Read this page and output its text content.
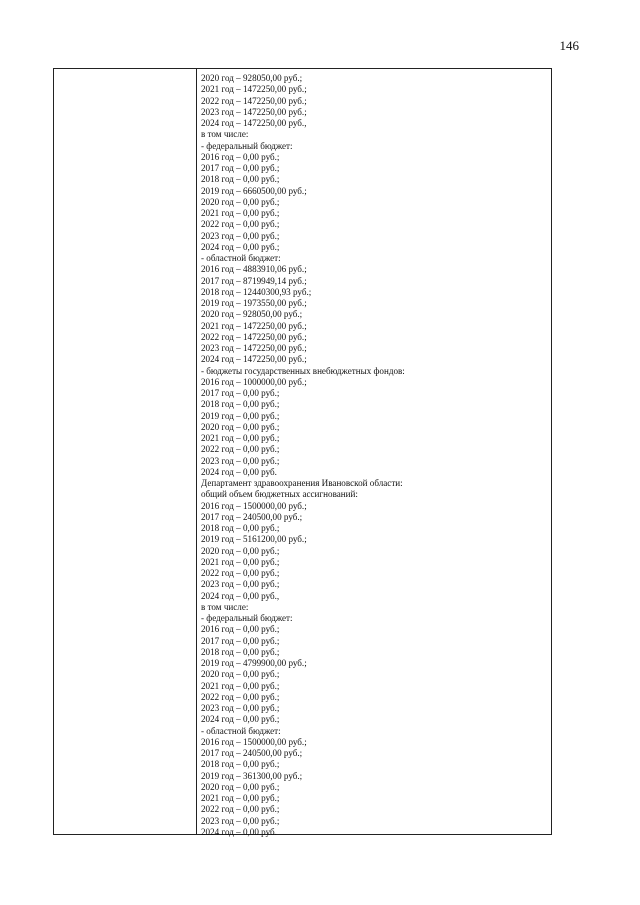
146
2020 год – 928050,00 руб.;
2021 год – 1472250,00 руб.;
2022 год – 1472250,00 руб.;
2023 год – 1472250,00 руб.;
2024 год – 1472250,00 руб.,
в том числе:
- федеральный бюджет:
2016 год – 0,00 руб.;
2017 год – 0,00 руб.;
2018 год – 0,00 руб.;
2019 год – 6660500,00 руб.;
2020 год – 0,00 руб.;
2021 год – 0,00 руб.;
2022 год – 0,00 руб.;
2023 год – 0,00 руб.;
2024 год – 0,00 руб.;
- областной бюджет:
2016 год – 4883910,06 руб.;
2017 год – 8719949,14 руб.;
2018 год – 12440300,93 руб.;
2019 год – 1973550,00 руб.;
2020 год – 928050,00 руб.;
2021 год – 1472250,00 руб.;
2022 год – 1472250,00 руб.;
2023 год – 1472250,00 руб.;
2024 год – 1472250,00 руб.;
- бюджеты государственных внебюджетных фондов:
2016 год – 1000000,00 руб.;
2017 год – 0,00 руб.;
2018 год – 0,00 руб.;
2019 год – 0,00 руб.;
2020 год – 0,00 руб.;
2021 год – 0,00 руб.;
2022 год – 0,00 руб.;
2023 год – 0,00 руб.;
2024 год – 0,00 руб.
Департамент здравоохранения Ивановской области:
общий объем бюджетных ассигнований:
2016 год – 1500000,00 руб.;
2017 год – 240500,00 руб.;
2018 год – 0,00 руб.;
2019 год – 5161200,00 руб.;
2020 год – 0,00 руб.;
2021 год – 0,00 руб.;
2022 год – 0,00 руб.;
2023 год – 0,00 руб.;
2024 год – 0,00 руб.,
в том числе:
- федеральный бюджет:
2016 год – 0,00 руб.;
2017 год – 0,00 руб.;
2018 год – 0,00 руб.;
2019 год – 4799900,00 руб.;
2020 год – 0,00 руб.;
2021 год – 0,00 руб.;
2022 год – 0,00 руб.;
2023 год – 0,00 руб.;
2024 год – 0,00 руб.;
- областной бюджет:
2016 год – 1500000,00 руб.;
2017 год – 240500,00 руб.;
2018 год – 0,00 руб.;
2019 год – 361300,00 руб.;
2020 год – 0,00 руб.;
2021 год – 0,00 руб.;
2022 год – 0,00 руб.;
2023 год – 0,00 руб.;
2024 год – 0,00 руб.
